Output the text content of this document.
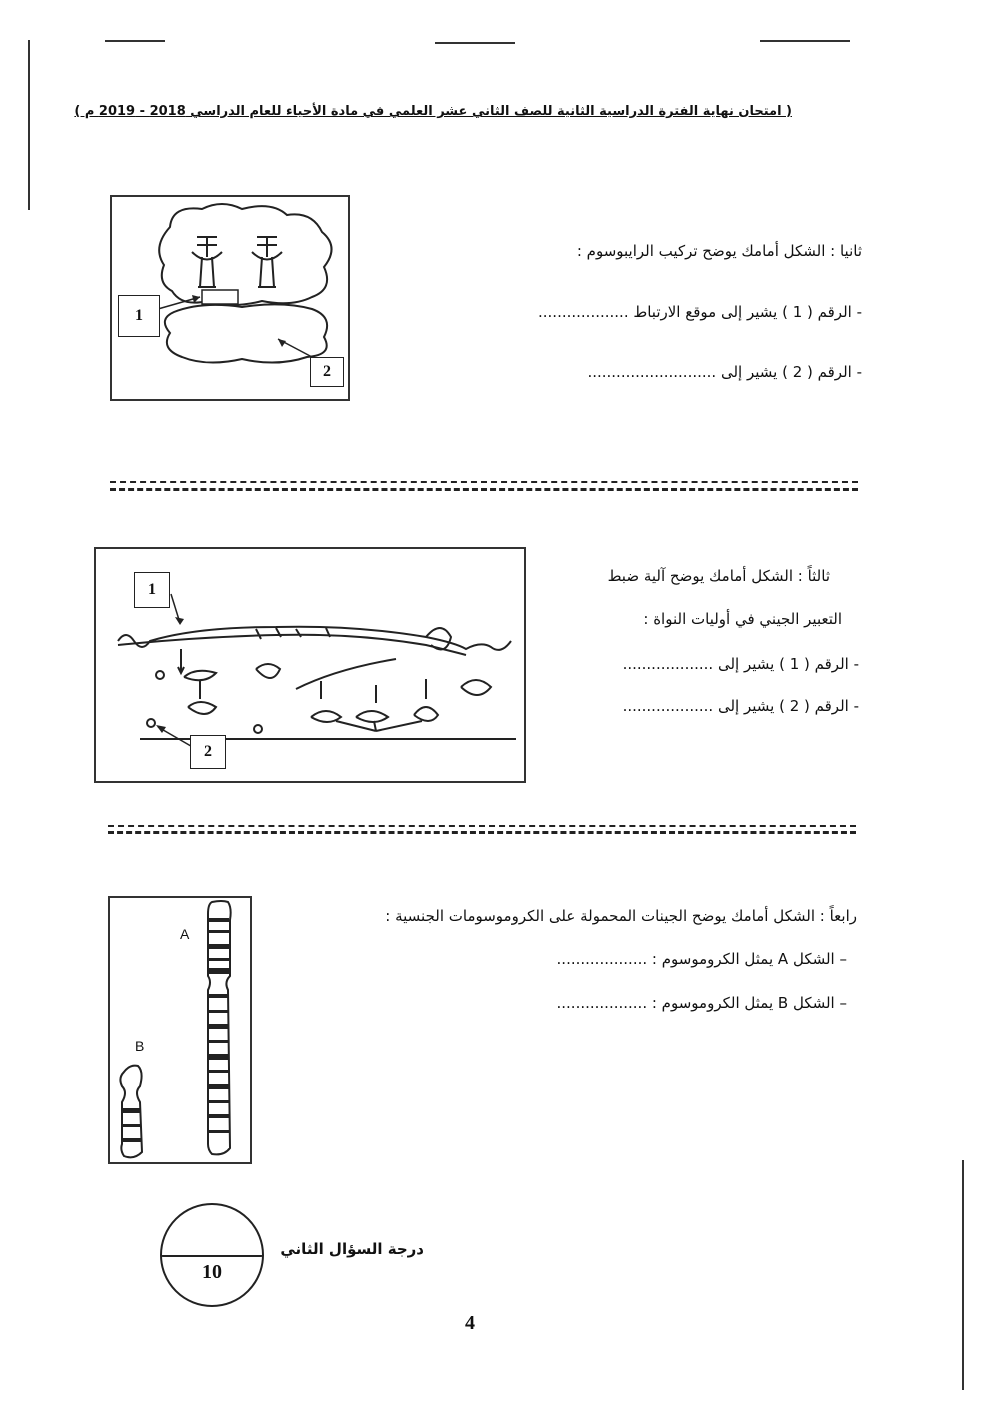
( امتحان نهاية الفترة الدراسية الثانية للصف الثاني عشر العلمي في مادة الأحياء للعام الدراسي 2018 - 2019 م )
1
2
ثانيا : الشكل أمامك يوضح تركيب الرايبوسوم :
- الرقم ( 1 ) يشير إلى موقع الارتباط ...................
- الرقم ( 2 ) يشير إلى ...........................
1
2
ثالثاً : الشكل أمامك يوضح آلية ضبط
التعبير الجيني في أوليات النواة :
- الرقم ( 1 ) يشير إلى ...................
- الرقم ( 2 ) يشير إلى ...................
A
B
رابعاً : الشكل أمامك يوضح الجينات المحمولة على الكروموسومات الجنسية :
– الشكل A يمثل الكروموسوم : ...................
– الشكل B يمثل الكروموسوم : ...................
10
درجة السؤال الثاني
4
